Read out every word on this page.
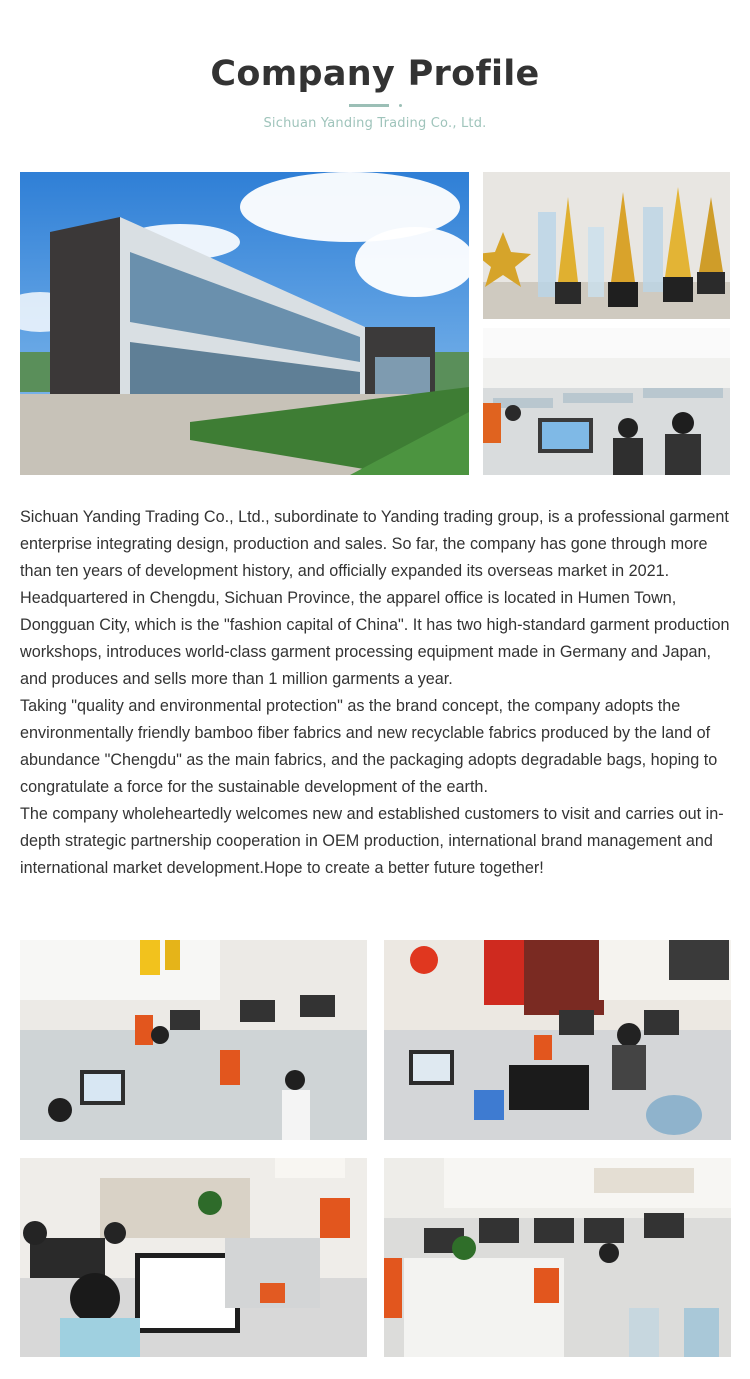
Company Profile
Sichuan Yanding Trading Co., Ltd.

Sichuan Yanding Trading Co., Ltd., subordinate to Yanding trading group, is a professional garment enterprise integrating design, production and sales. So far, the company has gone through more than ten years of development history, and officially expanded its overseas market in 2021.

Headquartered in Chengdu, Sichuan Province, the apparel office is located in Humen Town, Dongguan City, which is the "fashion capital of China". It has two high-standard garment production workshops, introduces world-class garment processing equipment made in Germany and Japan, and produces and sells more than 1 million garments a year.

Taking "quality and environmental protection" as the brand concept, the company adopts the environmentally friendly bamboo fiber fabrics and new recyclable fabrics produced by the land of abundance "Chengdu" as the main fabrics, and the packaging adopts degradable bags, hoping to congratulate a force for the sustainable development of the earth.

The company wholeheartedly welcomes new and established customers to visit and carries out in-depth strategic partnership cooperation in OEM production, international brand management and international market development.Hope to create a better future together!
